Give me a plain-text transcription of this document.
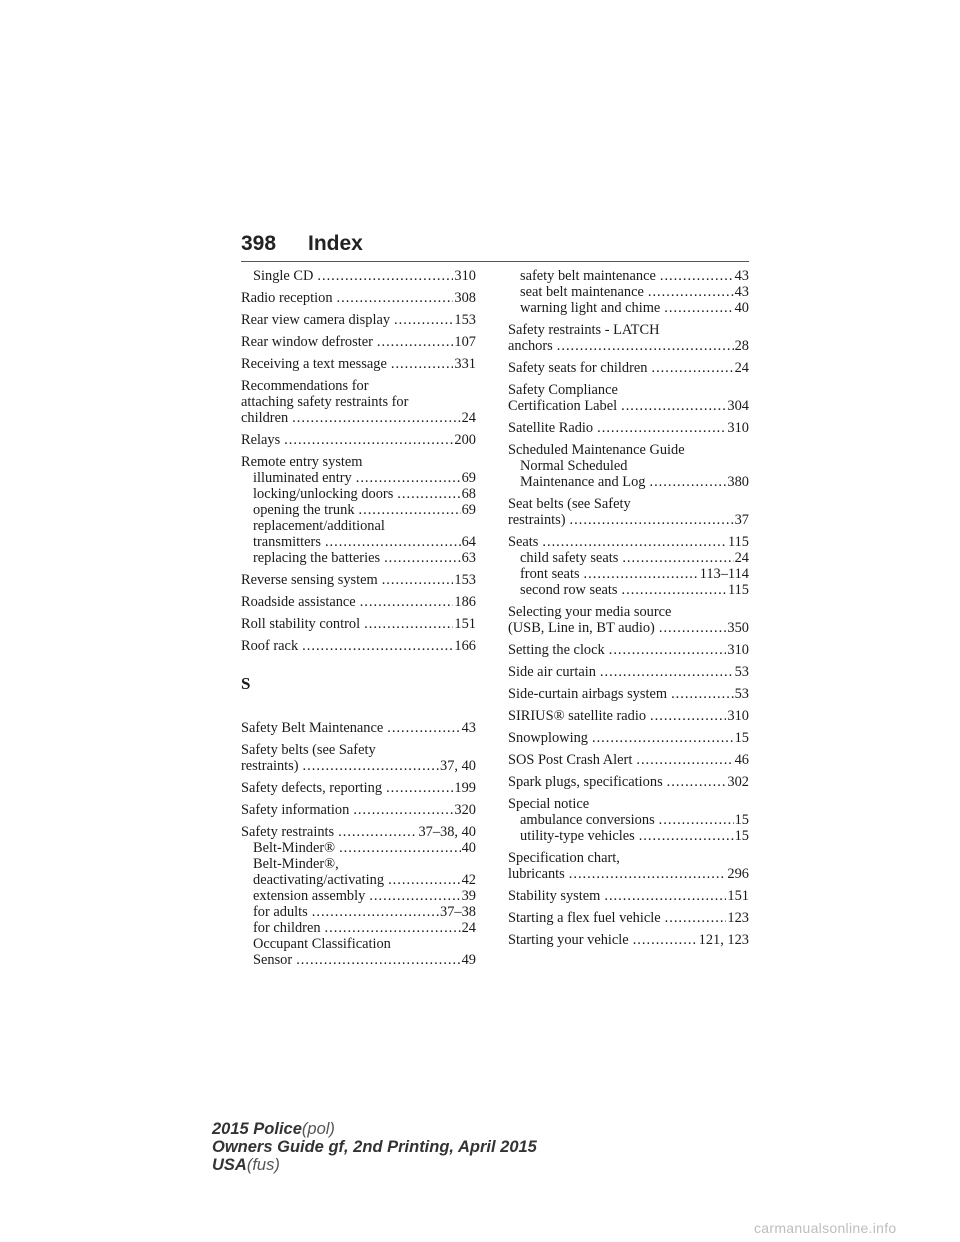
398 Index
Single CD .....	310
Radio reception .....	308
Rear view camera display .....	153
Rear window defroster .....	107
Receiving a text message .....	331
Recommendations for
attaching safety restraints for
children .....	24
Relays .....	200
Remote entry system
illuminated entry .....	69
locking/unlocking doors .....	68
opening the trunk .....	69
replacement/additional
transmitters .....	64
replacing the batteries .....	63
Reverse sensing system .....	153
Roadside assistance .....	186
Roll stability control .....	151
Roof rack .....	166
S
Safety Belt Maintenance .....	43
Safety belts (see Safety
restraints) .....	37, 40
Safety defects, reporting .....	199
Safety information .....	320
Safety restraints .....	37–38, 40
Belt-Minder® .....	40
Belt-Minder®,
deactivating/activating .....	42
extension assembly .....	39
for adults .....	37–38
for children .....	24
Occupant Classification
Sensor .....	49
safety belt maintenance .....	43
seat belt maintenance .....	43
warning light and chime .....	40
Safety restraints - LATCH
anchors .....	28
Safety seats for children .....	24
Safety Compliance
Certification Label .....	304
Satellite Radio .....	310
Scheduled Maintenance Guide
Normal Scheduled
Maintenance and Log .....	380
Seat belts (see Safety
restraints) .....	37
Seats .....	115
child safety seats .....	24
front seats .....	113–114
second row seats .....	115
Selecting your media source
(USB, Line in, BT audio) .....	350
Setting the clock .....	310
Side air curtain .....	53
Side-curtain airbags system .....	53
SIRIUS® satellite radio .....	310
Snowplowing .....	15
SOS Post Crash Alert .....	46
Spark plugs, specifications .....	302
Special notice
ambulance conversions .....	15
utility-type vehicles .....	15
Specification chart,
lubricants .....	296
Stability system .....	151
Starting a flex fuel vehicle .....	123
Starting your vehicle .....	121, 123
2015 Police(pol)
Owners Guide gf, 2nd Printing, April 2015
USA(fus)
carmanualsonline.info
